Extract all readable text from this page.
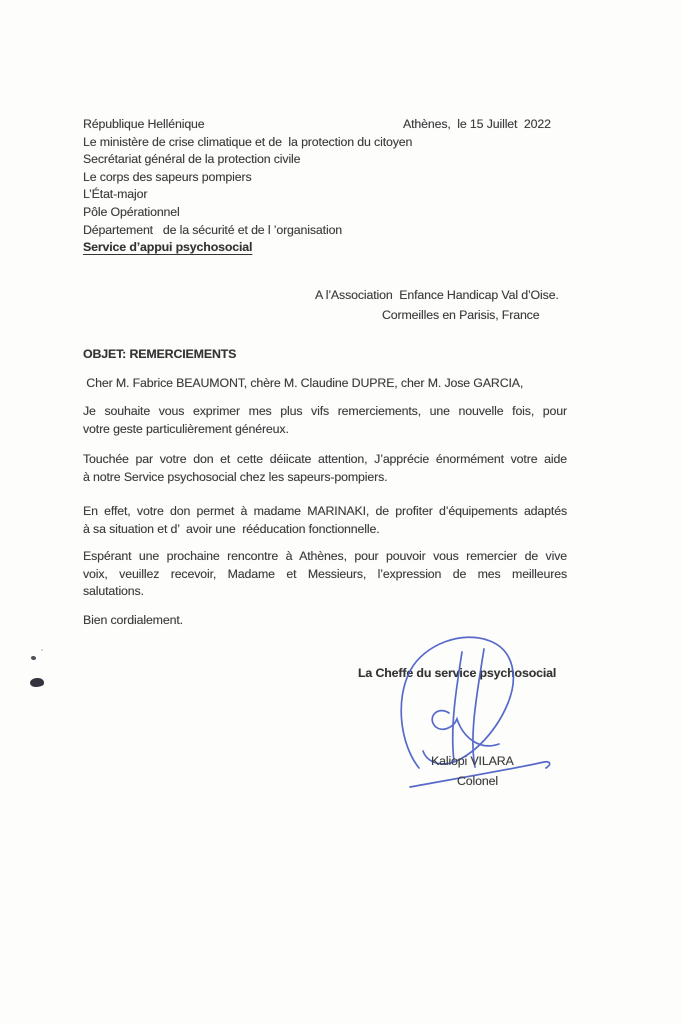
République Hellénique	Athènes,  le 15 Juillet  2022
Le ministère de crise climatique et de  la protection du citoyen
Secrétariat général de la protection civile
Le corps des sapeurs pompiers
L’État-major
Pôle Opérationnel
Département   de la sécurité et de l ’organisation
Service d’appui psychosocial
A l’Association  Enfance Handicap Val d’Oise.
Cormeilles en Parisis, France
OBJET: REMERCIEMENTS
Cher M. Fabrice BEAUMONT, chère M. Claudine DUPRE, cher M. Jose GARCIA,
Je souhaite vous exprimer mes plus vifs remerciements, une nouvelle fois, pour
votre geste particulièrement généreux.
Touchée par votre don et cette déiicate attention, J’apprécie énormément votre aide
à notre Service psychosocial chez les sapeurs-pompiers.
En effet, votre don permet à madame MARINAKI, de profiter d’équipements adaptés
à sa situation et d’  avoir une  rééducation fonctionnelle.
Espérant une prochaine rencontre à Athènes, pour pouvoir vous remercier de vive
voix, veuillez recevoir, Madame et Messieurs, l’expression de mes meilleures
salutations.
Bien cordialement.
La Cheffe du service psychosocial
Kaliopi VILARA
Colonel
